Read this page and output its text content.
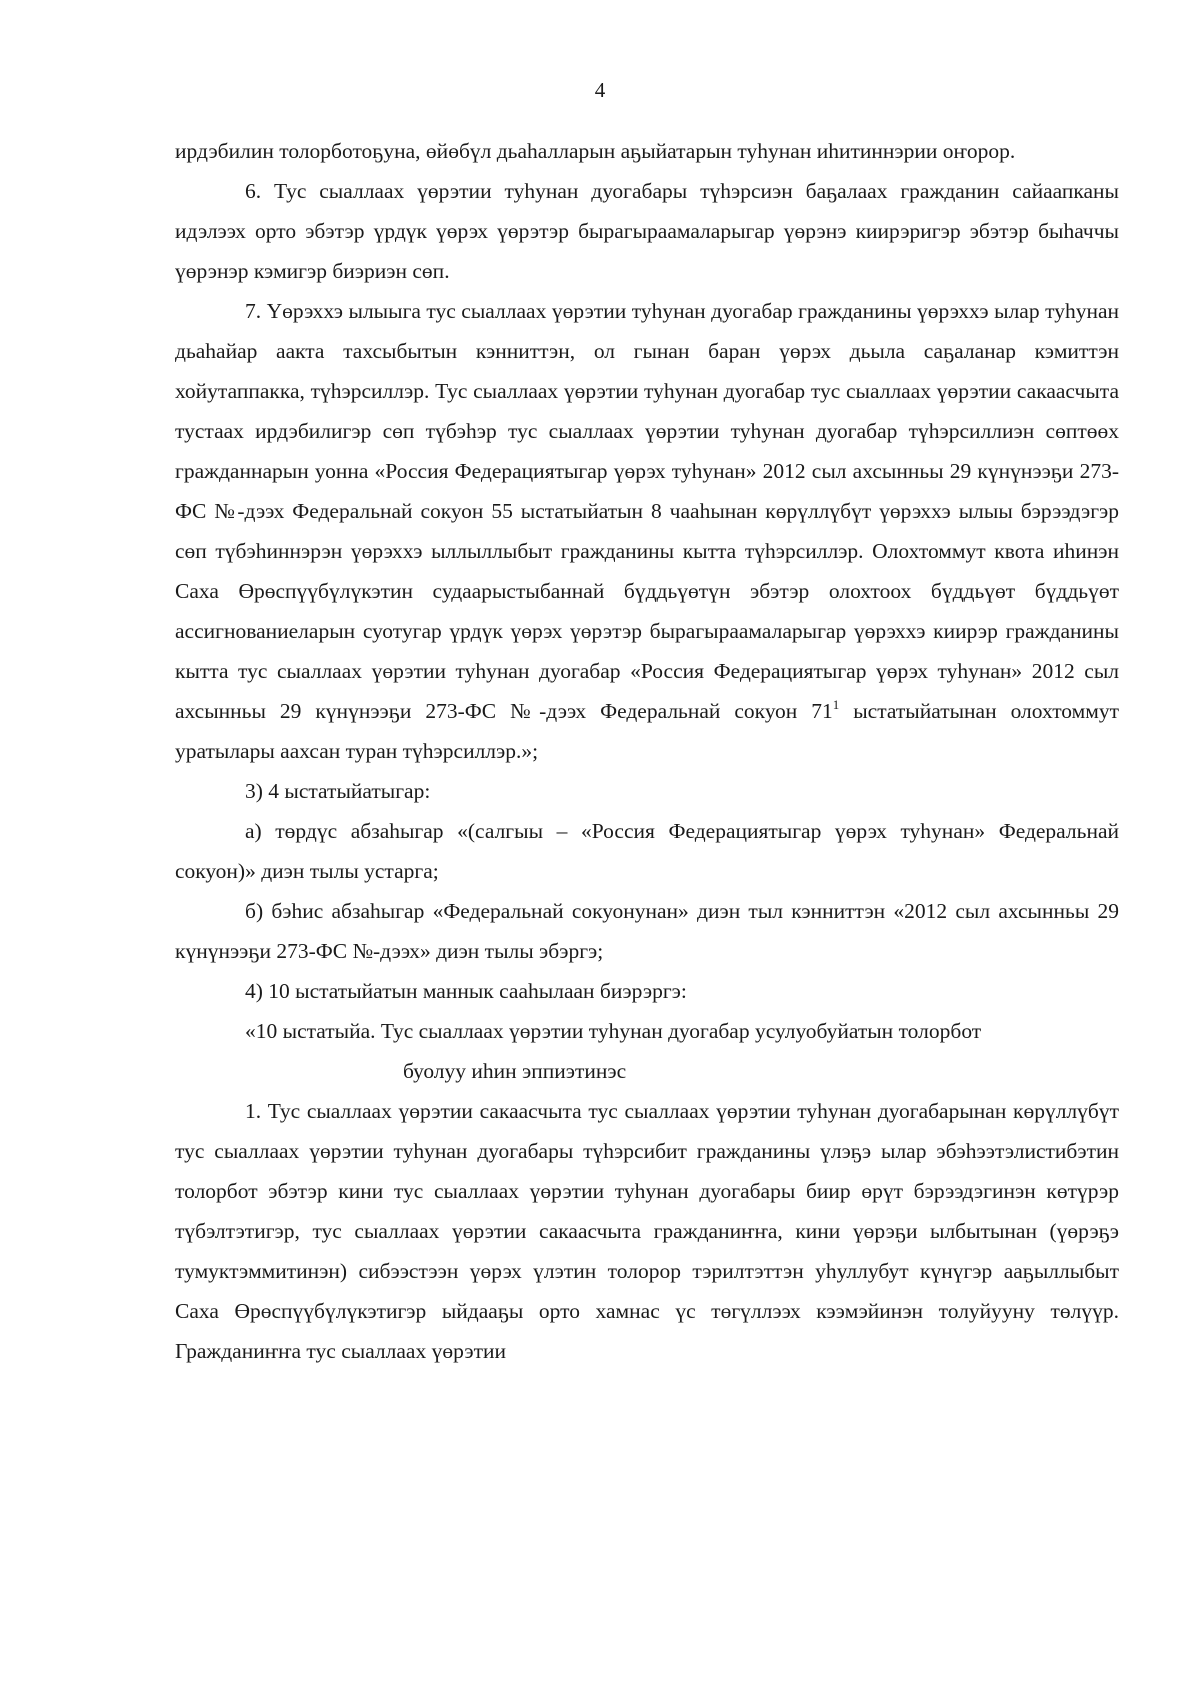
4

ирдэбилин толорботоҕуна, өйөбүл дьаһалларын аҕыйатарын туһунан иһитиннэрии оҥорор.

6. Тус сыаллаах үөрэтии туһунан дуогабары түһэрсиэн баҕалаах гражданин сайаапканы идэлээх орто эбэтэр үрдүк үөрэх үөрэтэр бырагыраамаларыгар үөрэнэ киирэригэр эбэтэр быһаччы үөрэнэр кэмигэр биэриэн сөп.

7. Үөрэххэ ылыыга тус сыаллаах үөрэтии туһунан дуогабар гражданины үөрэххэ ылар туһунан дьаһайар аакта тахсыбытын кэнниттэн, ол гынан баран үөрэх дьыла саҕаланар кэмиттэн хойутаппакка, түһэрсиллэр. Тус сыаллаах үөрэтии туһунан дуогабар тус сыаллаах үөрэтии сакаасчыта тустаах ирдэбилигэр сөп түбэһэр тус сыаллаах үөрэтии туһунан дуогабар түһэрсиллиэн сөптөөх гражданнарын уонна «Россия Федерациятыгар үөрэх туһунан» 2012 сыл ахсынньы 29 күнүнээҕи 273-ФС №-дээх Федеральнай сокуон 55 ыстатыйатын 8 чааһынан көрүллүбүт үөрэххэ ылыы бэрээдэгэр сөп түбэһиннэрэн үөрэххэ ыллыллыбыт гражданины кытта түһэрсиллэр. Олохтоммут квота иһинэн Саха Өрөспүүбүлүкэтин судаарыстыбаннай бүддьүөтүн эбэтэр олохтоох бүддьүөт бүддьүөт ассигнованиеларын суотугар үрдүк үөрэх үөрэтэр бырагыраамаларыгар үөрэххэ киирэр гражданины кытта тус сыаллаах үөрэтии туһунан дуогабар «Россия Федерациятыгар үөрэх туһунан» 2012 сыл ахсынньы 29 күнүнээҕи 273-ФС №-дээх Федеральнай сокуон $71^1$ ыстатыйатынан олохтоммут уратылары аахсан туран түһэрсиллэр.»;

3) 4 ыстатыйатыгар:

а) төрдүс абзаһыгар «(салгыы – «Россия Федерациятыгар үөрэх туһунан» Федеральнай сокуон)» диэн тылы устарга;

б) бэһис абзаһыгар «Федеральнай сокуонунан» диэн тыл кэнниттэн «2012 сыл ахсынньы 29 күнүнээҕи 273-ФС №-дээх» диэн тылы эбэргэ;

4) 10 ыстатыйатын маннык сааһылаан биэрэргэ:

«10 ыстатыйа. Тус сыаллаах үөрэтии туһунан дуогабар усулуобуйатын толорбот
буолуу иһин эппиэтинэс

1. Тус сыаллаах үөрэтии сакаасчыта тус сыаллаах үөрэтии туһунан дуогабарынан көрүллүбүт тус сыаллаах үөрэтии туһунан дуогабары түһэрсибит гражданины үлэҕэ ылар эбэһээтэлистибэтин толорбот эбэтэр кини тус сыаллаах үөрэтии туһунан дуогабары биир өрүт бэрээдэгинэн көтүрэр түбэлтэтигэр, тус сыаллаах үөрэтии сакаасчыта гражданиҥҥа, кини үөрэҕи ылбытынан (үөрэҕэ тумуктэммитинэн) сибээстээн үөрэх үлэтин толорор тэрилтэттэн уһуллубут күнүгэр ааҕыллыбыт Саха Өрөспүүбүлүкэтигэр ыйдааҕы орто хамнас үс төгүллээх кээмэйинэн толуйууну төлүүр. Гражданиҥҥа тус сыаллаах үөрэтии
